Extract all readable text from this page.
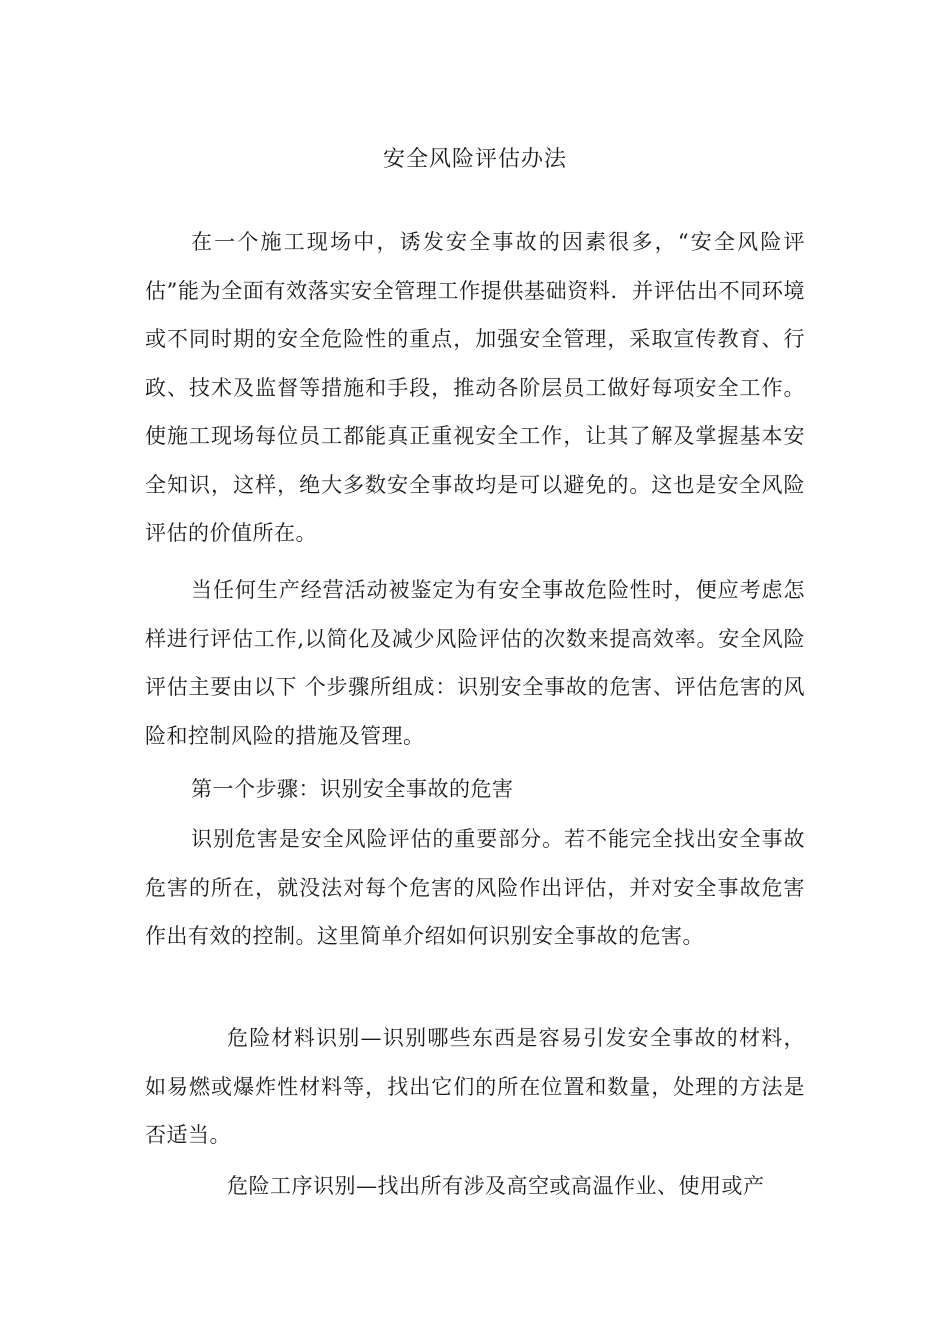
安全风险评估办法

在一个施工现场中，诱发安全事故的因素很多，“安全风险评估”能为全面有效落实安全管理工作提供基础资料．并评估出不同环境或不同时期的安全危险性的重点，加强安全管理，采取宣传教育、行政、技术及监督等措施和手段，推动各阶层员工做好每项安全工作。使施工现场每位员工都能真正重视安全工作，让其了解及掌握基本安全知识，这样，绝大多数安全事故均是可以避免的。这也是安全风险评估的价值所在。

当任何生产经营活动被鉴定为有安全事故危险性时，便应考虑怎样进行评估工作,以简化及减少风险评估的次数来提高效率。安全风险评估主要由以下 个步骤所组成：识别安全事故的危害、评估危害的风险和控制风险的措施及管理。

第一个步骤：识别安全事故的危害

识别危害是安全风险评估的重要部分。若不能完全找出安全事故危害的所在，就没法对每个危害的风险作出评估，并对安全事故危害作出有效的控制。这里简单介绍如何识别安全事故的危害。

危险材料识别—识别哪些东西是容易引发安全事故的材料，如易燃或爆炸性材料等，找出它们的所在位置和数量，处理的方法是否适当。

危险工序识别—找出所有涉及高空或高温作业、使用或产
